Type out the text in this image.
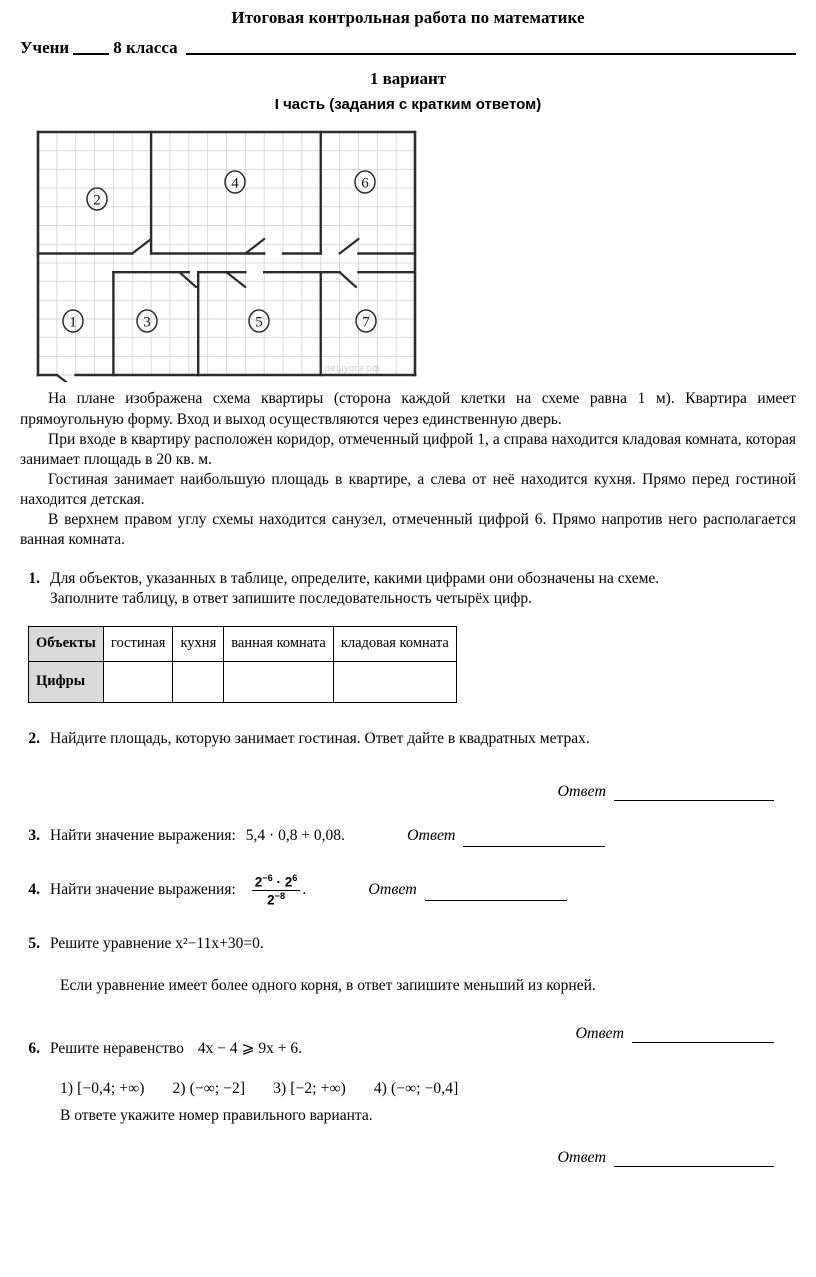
Итоговая контрольная работа по математике
Учени	8 класса
1 вариант
I часть (задания с кратким ответом)
2
4	6
1	3	5	7
решуогэ рф

На плане изображена схема квартиры (сторона каждой клетки на схеме равна 1 м). Квартира имеет прямоугольную форму. Вход и выход осуществляются через единственную дверь.

При входе в квартиру расположен коридор, отмеченный цифрой 1, а справа находится кладовая комната, которая занимает площадь в 20 кв. м.

Гостиная занимает наибольшую площадь в квартире, а слева от неё находится кухня. Прямо перед гостиной находится детская.

В верхнем правом углу схемы находится санузел, отмеченный цифрой 6. Прямо напротив него располагается ванная комната.

1. Для объектов, указанных в таблице, определите, какими цифрами они обозначены на схеме.
Заполните таблицу, в ответ запишите последовательность четырёх цифр.
Объекты	гостиная	кухня	ванная комната	кладовая комната
Цифры				
2. Найдите площадь, которую занимает гостиная. Ответ дайте в квадратных метрах.
Ответ
3. Найти значение выражения: 5,4 · 0,8 + 0,08.	Ответ
4. Найти значение выражения: $\frac{2^{-6} \cdot 2^6}{2^{-8}}$ .	Ответ
5. Решите уравнение x²−11x+30=0.
Если уравнение имеет более одного корня, в ответ запишите меньший из корней.
Ответ
6. Решите неравенство 4x − 4 ⩾ 9x + 6.
1) [−0,4; +∞) 2) (−∞; −2] 3) [−2; +∞) 4) (−∞; −0,4]
В ответе укажите номер правильного варианта.
Ответ
